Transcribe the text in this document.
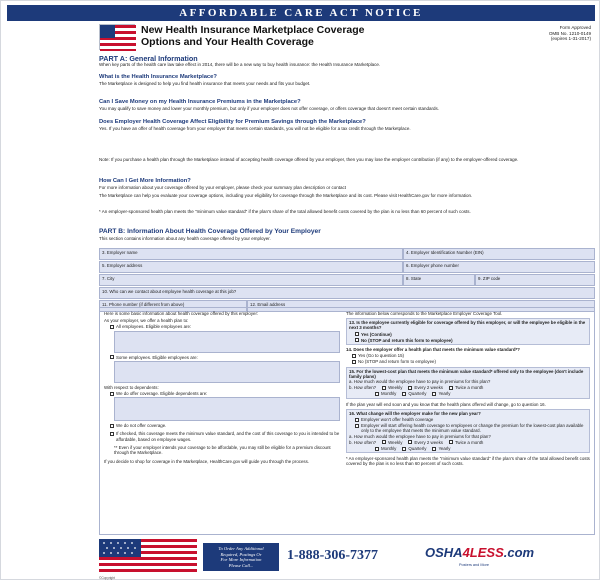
AFFORDABLE CARE ACT NOTICE
New Health Insurance Marketplace Coverage
Options and Your Health Coverage
Form Approved
OMB No. 1210-0149
(expires 1-31-2017)
PART A: General Information
When key parts of the health care law take effect in 2014, there will be a new way to buy health insurance: the Health Insurance Marketplace.
What is the Health Insurance Marketplace?
The Marketplace is designed to help you find health insurance that meets your needs and fits your budget.
Can I Save Money on my Health Insurance Premiums in the Marketplace?
You may qualify to save money and lower your monthly premium, but only if your employer does not offer coverage, or offers coverage that doesn't meet certain standards.
Does Employer Health Coverage Affect Eligibility for Premium Savings through the Marketplace?
Yes. If you have an offer of health coverage from your employer that meets certain standards, you will not be eligible for a tax credit through the Marketplace.
Note: If you purchase a health plan through the Marketplace instead of accepting health coverage offered by your employer, then you may lose the employer contribution (if any) to the employer-offered coverage.
How Can I Get More Information?
For more information about your coverage offered by your employer, please check your summary plan description or contact
The Marketplace can help you evaluate your coverage options, including your eligibility for coverage through the Marketplace and its cost. Please visit HealthCare.gov for more information.
* An employer-sponsored health plan meets the "minimum value standard" if the plan's share of the total allowed benefit costs covered by the plan is no less than 60 percent of such costs.
PART B: Information About Health Coverage Offered by Your Employer
This section contains information about any health coverage offered by your employer.
3. Employer name	4. Employer Identification Number (EIN)
5. Employer address	6. Employer phone number
7. City	8. State	9. ZIP code
10. Who can we contact about employee health coverage at this job?
11. Phone number (if different from above)	12. Email address
Here is some basic information about health coverage offered by this employer:
As your employer, we offer a health plan to:
All employees. Eligible employees are:
Some employees. Eligible employees are:
With respect to dependents:
We do offer coverage. Eligible dependents are:
We do not offer coverage.
If checked, this coverage meets the minimum value standard, and the cost of this coverage to you is intended to be affordable, based on employee wages.
** Even if your employer intends your coverage to be affordable, you may still be eligible for a premium discount through the Marketplace.
If you decide to shop for coverage in the Marketplace, HealthCare.gov will guide you through the process.
The information below corresponds to the Marketplace Employer Coverage Tool.
13. Is the employee currently eligible for coverage offered by this employer, or will the employee be eligible in the next 3 months?
Yes (Continue)
No (STOP and return this form to employee)
14. Does the employer offer a health plan that meets the minimum value standard*?
Yes (Go to question 15)
No (STOP and return form to employee)
15. For the lowest-cost plan that meets the minimum value standard* offered only to the employee (don't include family plans)
a. How much would the employee have to pay in premiums for this plan?
b. How often?	Weekly	Every 2 weeks	Twice a month
Monthly	Quarterly	Yearly
If the plan year will end soon and you know that the health plans offered will change, go to question 16.
16. What change will the employer make for the new plan year?
Employer won't offer health coverage
Employer will start offering health coverage to employees or change the premium for the lowest-cost plan available only to the employee that meets the minimum value standard.
a. How much would the employee have to pay in premiums for that plan?
b. How often?	Weekly	Every 2 weeks	Twice a month
Monthly	Quarterly	Yearly
* An employer-sponsored health plan meets the "minimum value standard" if the plan's share of the total allowed benefit costs covered by the plan is no less than 60 percent of such costs.
To Order Any Additional
Required, Postings Or
For More Information
Please Call...
1-888-306-7377	OSHA4LESS.com
Posters and More
©Copyright
